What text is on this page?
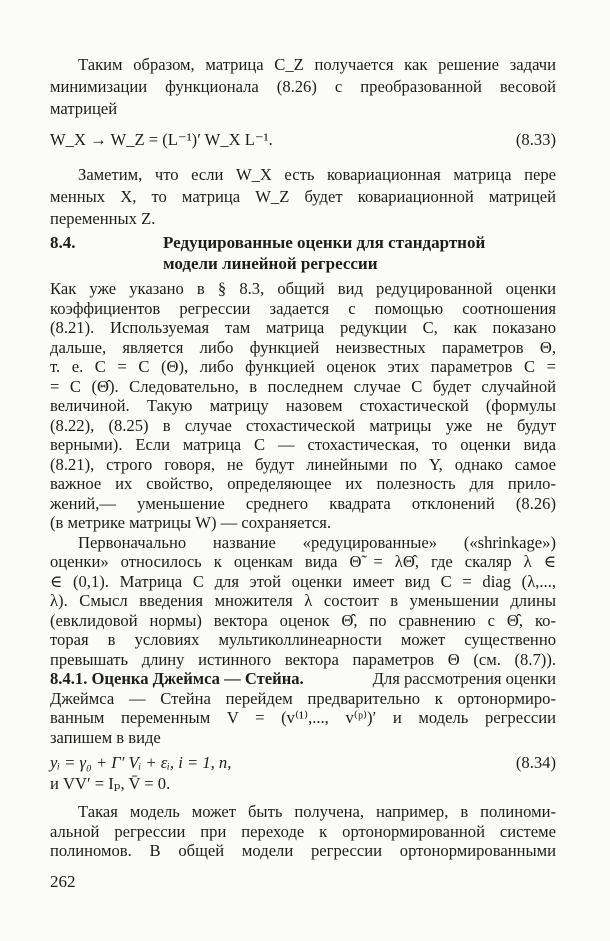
Таким образом, матрица C_Z получается как решение задачи
минимизации функционала (8.26) с преобразованной весовой
матрицей
W_X → W_Z = (L⁻¹)′ W_X L⁻¹.	(8.33)
Заметим, что если W_X есть ковариационная матрица пере
менных X, то матрица W_Z будет ковариационной матрицей
переменных Z.
8.4.	Редуцированные оценки для стандартной
модели линейной регрессии
Как уже указано в § 8.3, общий вид редуцированной оценки
коэффициентов регрессии задается с помощью соотношения
(8.21). Используемая там матрица редукции C, как показано
дальше, является либо функцией неизвестных параметров Θ,
т. е. C = C (Θ), либо функцией оценок этих параметров C =
= C (Θ̂). Следовательно, в последнем случае C будет случайной
величиной. Такую матрицу назовем стохастической (формулы
(8.22), (8.25) в случае стохастической матрицы уже не будут
верными). Если матрица C — стохастическая, то оценки вида
(8.21), строго говоря, не будут линейными по Y, однако самое
важное их свойство, определяющее их полезность для прило-
жений,— уменьшение среднего квадрата отклонений (8.26)
(в метрике матрицы W) — сохраняется.
Первоначально название «редуцированные» («shrinkage»)
оценки» относилось к оценкам вида Θ̃ = λΘ̂, где скаляр λ ∈
∈ (0,1). Матрица C для этой оценки имеет вид C = diag (λ,...,
λ). Смысл введения множителя λ состоит в уменьшении длины
(евклидовой нормы) вектора оценок Θ̂, по сравнению с Θ̂, ко-
торая в условиях мультиколлинеарности может существенно
превышать длину истинного вектора параметров Θ (см. (8.7)).
8.4.1. Оценка Джеймса — Стейна.	Для рассмотрения оценки
Джеймса — Стейна перейдем предварительно к ортонормиро-
ванным переменным V = (v⁽¹⁾,..., v⁽ᵖ⁾)′ и модель регрессии
запишем в виде
yᵢ = γ₀ + Γ′ Vᵢ + εᵢ, i = 1, n,	(8.34)
и VV′ = Iₚ, V̄ = 0.
Такая модель может быть получена, например, в полиноми-
альной регрессии при переходе к ортонормированной системе
полиномов. В общей модели регрессии ортонормированными
262
